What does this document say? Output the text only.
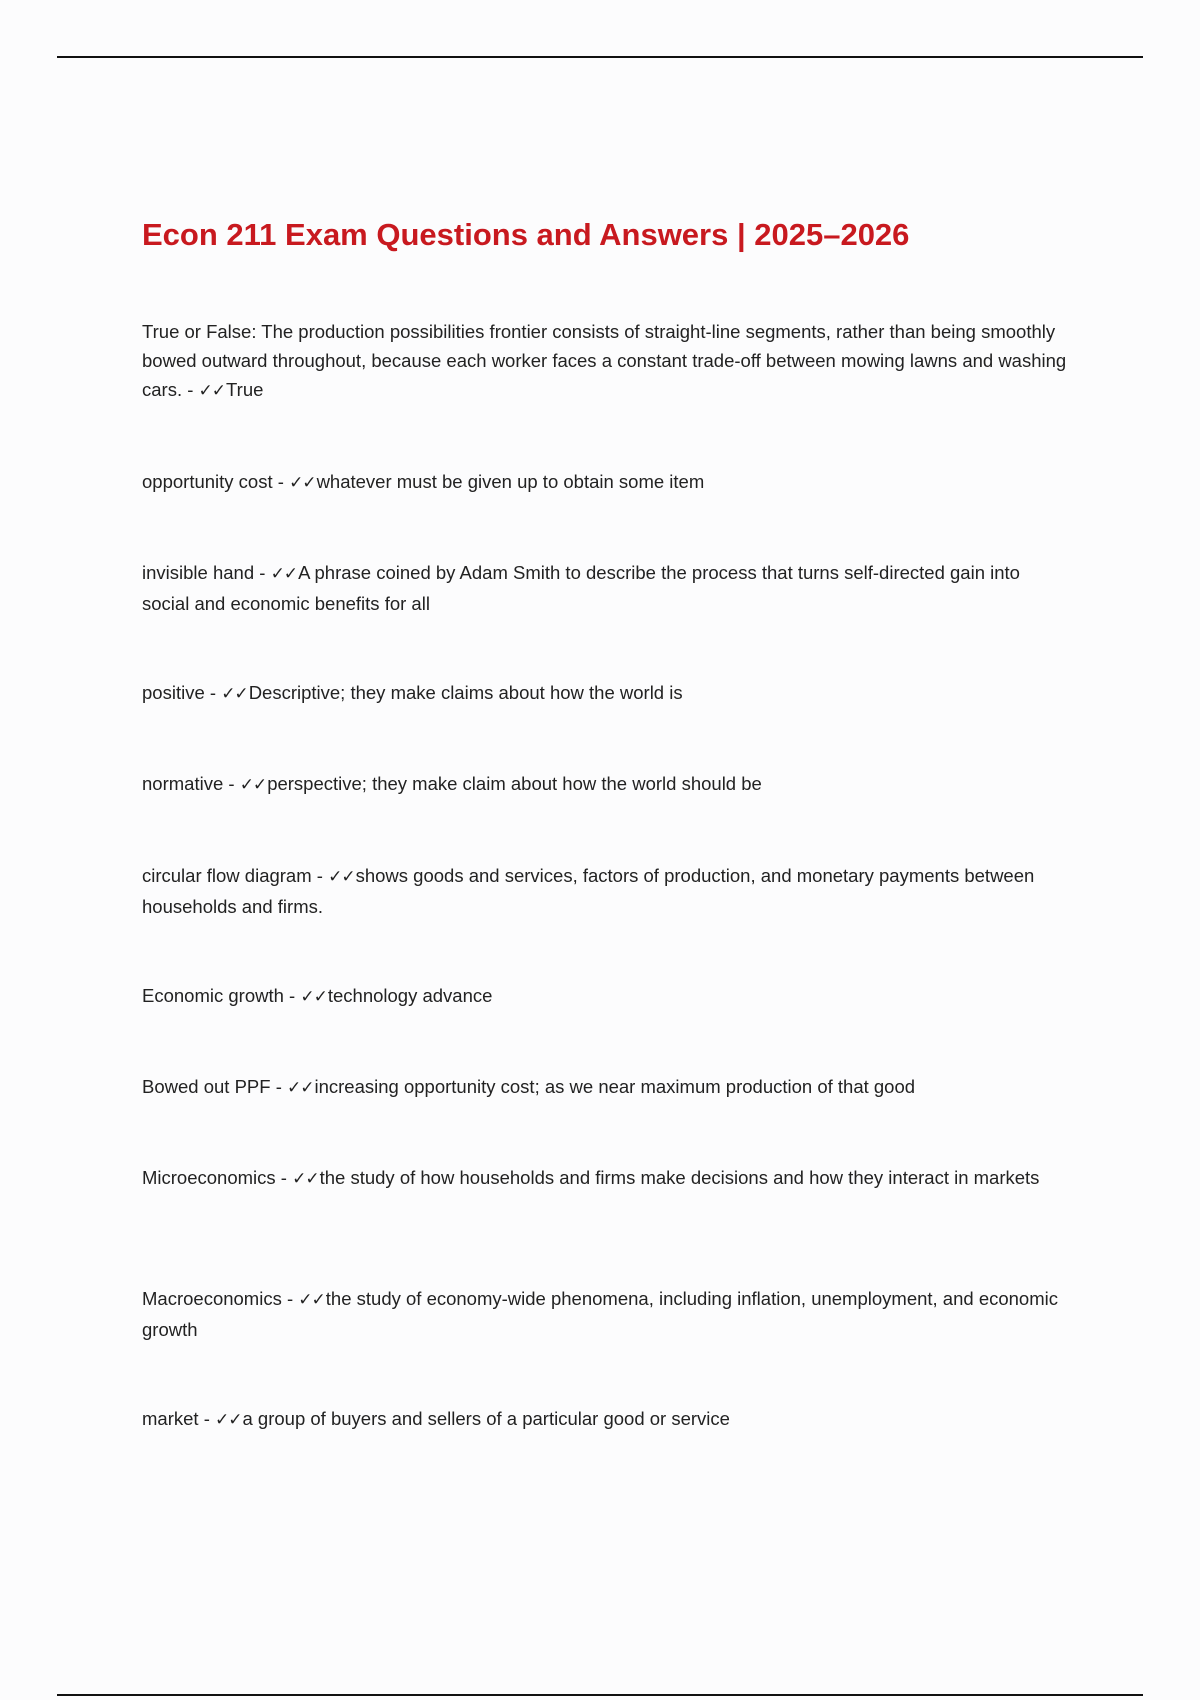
Econ 211 Exam Questions and Answers | 2025–2026

True or False: The production possibilities frontier consists of straight-line segments, rather than being smoothly bowed outward throughout, because each worker faces a constant trade-off between mowing lawns and washing cars. - ✓✓True

opportunity cost - ✓✓whatever must be given up to obtain some item

invisible hand - ✓✓A phrase coined by Adam Smith to describe the process that turns self-directed gain into social and economic benefits for all

positive - ✓✓Descriptive; they make claims about how the world is

normative - ✓✓perspective; they make claim about how the world should be

circular flow diagram - ✓✓shows goods and services, factors of production, and monetary payments between households and firms.

Economic growth - ✓✓technology advance

Bowed out PPF - ✓✓increasing opportunity cost; as we near maximum production of that good

Microeconomics - ✓✓the study of how households and firms make decisions and how they interact in markets

Macroeconomics - ✓✓the study of economy-wide phenomena, including inflation, unemployment, and economic growth

market - ✓✓a group of buyers and sellers of a particular good or service
